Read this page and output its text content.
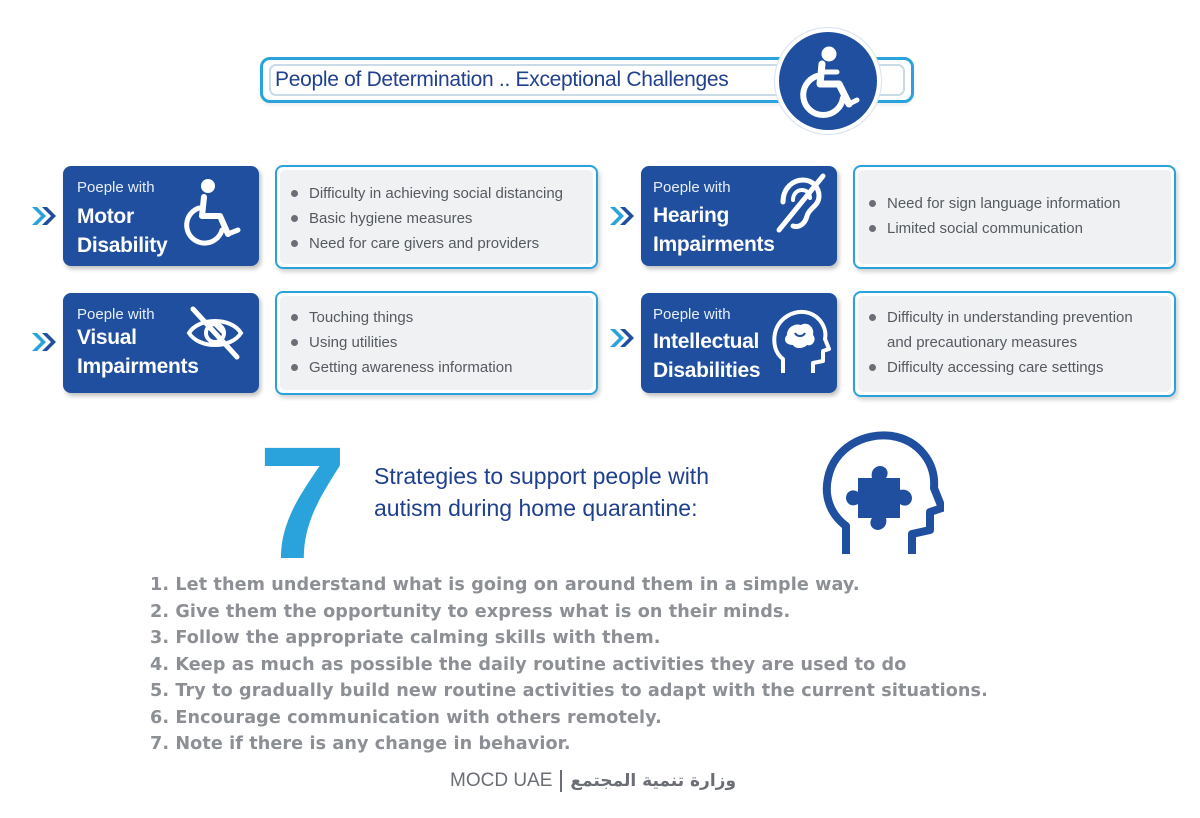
People of Determination .. Exceptional Challenges
Poeple with
Motor
Disability
Difficulty in achieving social distancing
Basic hygiene measures
Need for care givers and providers
Poeple with
Hearing
Impairments
Need for sign language information
Limited social communication
Poeple with
Visual
Impairments
Touching things
Using utilities
Getting awareness information
Poeple with
Intellectual
Disabilities
Difficulty in understanding prevention
and precautionary measures
Difficulty accessing care settings
7 Strategies to support people with
autism during home quarantine:
1. Let them understand what is going on around them in a simple way.
2. Give them the opportunity to express what is on their minds.
3. Follow the appropriate calming skills with them.
4. Keep as much as possible the daily routine activities they are used to do
5. Try to gradually build new routine activities to adapt with the current situations.
6. Encourage communication with others remotely.
7. Note if there is any change in behavior.
MOCD UAE وزارة تنمية المجتمع
